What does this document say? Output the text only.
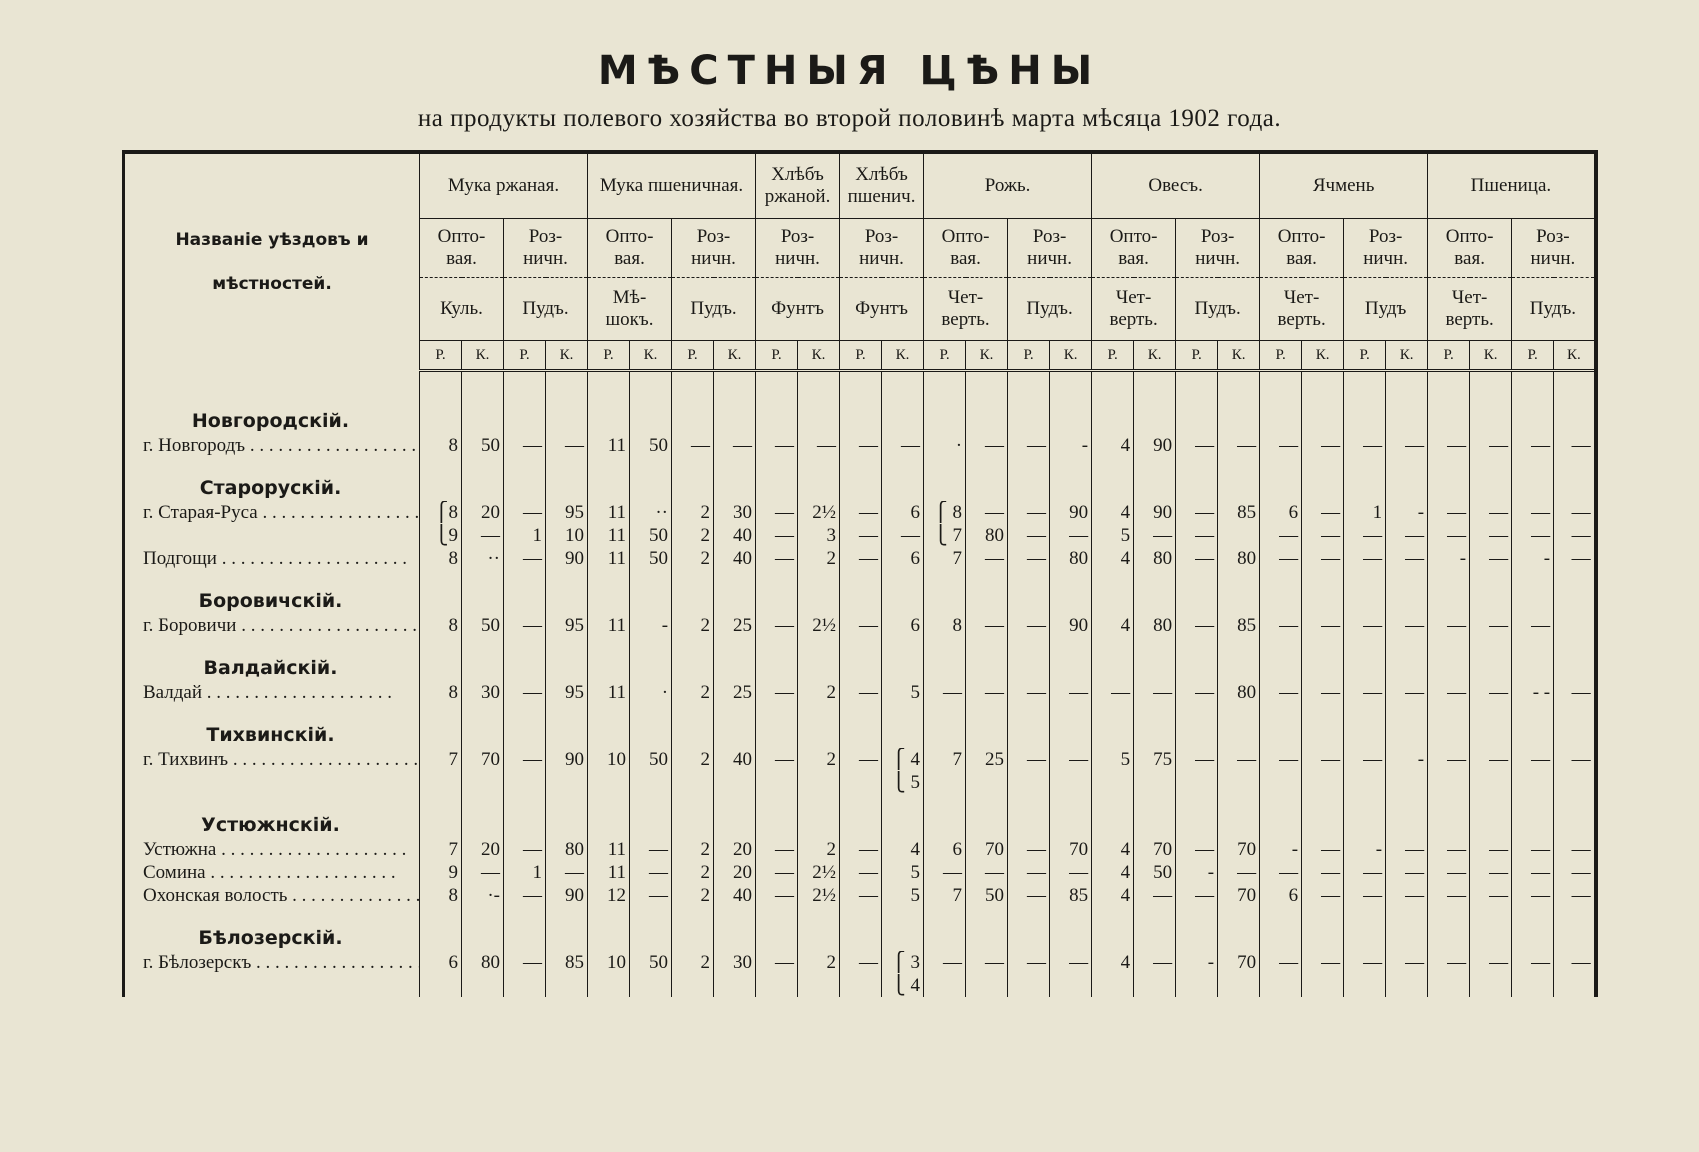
МѢСТНЫЯ ЦѢНЫ
на продукты полевого хозяйства во второй половинѣ марта мѣсяца 1902 года.
Названіе уѣздовъ и мѣстностей.	Мука ржаная.				Мука пшеничная.				Хлѣбъ ржаной.		Хлѣбъ пшенич.		Рожь.				Овесъ.				Ячмень				Пшеница.			
	Опто- вая.		Роз- ничн.		Опто- вая.		Роз- ничн.		Роз- ничн.		Роз- ничн.		Опто- вая.		Роз- ничн.		Опто- вая.		Роз- ничн.		Опто- вая.		Роз- ничн.		Опто- вая.		Роз- ничн.	
	Куль.		Пудъ.		Мѣ- шокъ.		Пудъ.		Фунтъ		Фунтъ		Чет- верть.		Пудъ.		Чет- верть.		Пудъ.		Чет- верть.		Пудъ		Чет- верть.		Пудъ.	
	Р.	К.	Р.	К.	Р.	К.	Р.	К.	Р.	К.	Р.	К.	Р.	К.	Р.	К.	Р.	К.	Р.	К.	Р.	К.	Р.	К.	Р.	К.	Р.	К.

Новгородскій.																												
г. Новгородъ . . .	8	50	—	—	11	50	—	—	—	—	—	—	·	—	—	-	4	90	—	—	—	—	—	—	—	—	—	—
Старорускій.																												
г. Старая-Руса . . .	⎧8	20	—	95	11	··	2	30	—	2½	—	6	⎧ 8	—	—	90	4	90	—	85	6	—	1	-	—	—	—	—
	⎩9	—	1	10	11	50	2	40	—	3	—	—	⎩ 7	80	—	—	5	—	—		—	—	—	—	—	—	—	—
Подгощи . . .	8	··	—	90	11	50	2	40	—	2	—	6	7	—	—	80	4	80	—	80	—	—	—	—	-	—	-	—
Боровичскій.																												
г. Боровичи . . .	8	50	—	95	11	-	2	25	—	2½	—	6	8	—	—	90	4	80	—	85	—	—	—	—	—	—	—	
Валдайскій.																												
Валдай . . .	8	30	—	95	11	·	2	25	—	2	—	5	—	—	—	—	—	—	—	80	—	—	—	—	—	—	- -	—
Тихвинскій.																												
г. Тихвинъ . . .	7	70	—	90	10	50	2	40	—	2	—	⎧ 4	7	25	—	—	5	75	—	—	—	—	—	-	—	—	—	—
												⎩ 5																
Устюжнскій.																												
Устюжна . . .	7	20	—	80	11	—	2	20	—	2	—	4	6	70	—	70	4	70	—	70	-	—	-	—	—	—	—	—
Сомина . . .	9	—	1	—	11	—	2	20	—	2½	—	5	—	—	—	—	4	50	-	—	—	—	—	—	—	—	—	—
Охонская волость . . .	8	·-	—	90	12	—	2	40	—	2½	—	5	7	50	—	85	4	—	—	70	6	—	—	—	—	—	—	—
Бѣлозерскій.																												
г. Бѣлозерскъ . . .	6	80	—	85	10	50	2	30	—	2	—	⎧ 3	—	—	—	—	4	—	-	70	—	—	—	—	—	—	—	—
												⎩ 4																
